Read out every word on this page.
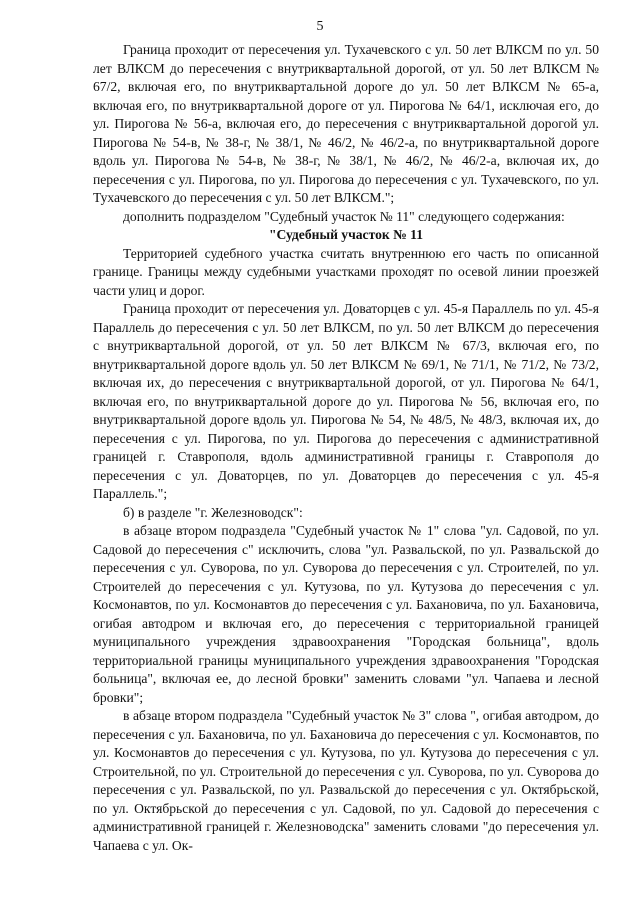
5

Граница проходит от пересечения ул. Тухачевского с ул. 50 лет ВЛКСМ по ул. 50 лет ВЛКСМ до пересечения с внутриквартальной дорогой, от ул. 50 лет ВЛКСМ № 67/2, включая его, по внутриквартальной дороге до ул. 50 лет ВЛКСМ № 65-а, включая его, по внутриквартальной дороге от ул. Пирогова № 64/1, исключая его, до ул. Пирогова № 56-а, включая его, до пересечения с внутриквартальной дорогой ул. Пирогова № 54-в, № 38-г, № 38/1, № 46/2, № 46/2-а, по внутриквартальной дороге вдоль ул. Пирогова № 54-в, № 38-г, № 38/1, № 46/2, № 46/2-а, включая их, до пересечения с ул. Пирогова, по ул. Пирогова до пересечения с ул. Тухачевского, по ул. Тухачевского до пересечения с ул. 50 лет ВЛКСМ.";

дополнить подразделом "Судебный участок № 11" следующего содержания:

"Судебный участок № 11

Территорией судебного участка считать внутреннюю его часть по описанной границе. Границы между судебными участками проходят по осевой линии проезжей части улиц и дорог.

Граница проходит от пересечения ул. Доваторцев с ул. 45-я Параллель по ул. 45-я Параллель до пересечения с ул. 50 лет ВЛКСМ, по ул. 50 лет ВЛКСМ до пересечения с внутриквартальной дорогой, от ул. 50 лет ВЛКСМ № 67/3, включая его, по внутриквартальной дороге вдоль ул. 50 лет ВЛКСМ № 69/1, № 71/1, № 71/2, № 73/2, включая их, до пересечения с внутриквартальной дорогой, от ул. Пирогова № 64/1, включая его, по внутриквартальной дороге до ул. Пирогова № 56, включая его, по внутриквартальной дороге вдоль ул. Пирогова № 54, № 48/5, № 48/3, включая их, до пересечения с ул. Пирогова, по ул. Пирогова до пересечения с административной границей г. Ставрополя, вдоль административной границы г. Ставрополя до пересечения с ул. Доваторцев, по ул. Доваторцев до пересечения с ул. 45-я Параллель.";

б) в разделе "г. Железноводск":

в абзаце втором подраздела "Судебный участок № 1" слова "ул. Садовой, по ул. Садовой до пересечения с" исключить, слова "ул. Развальской, по ул. Развальской до пересечения с ул. Суворова, по ул. Суворова до пересечения с ул. Строителей, по ул. Строителей до пересечения с ул. Кутузова, по ул. Кутузова до пересечения с ул. Космонавтов, по ул. Космонавтов до пересечения с ул. Бахановича, по ул. Бахановича, огибая автодром и включая его, до пересечения с территориальной границей муниципального учреждения здравоохранения "Городская больница", вдоль территориальной границы муниципального учреждения здравоохранения "Городская больница", включая ее, до лесной бровки" заменить словами "ул. Чапаева и лесной бровки";

в абзаце втором подраздела "Судебный участок № 3" слова ", огибая автодром, до пересечения с ул. Бахановича, по ул. Бахановича до пересечения с ул. Космонавтов, по ул. Космонавтов до пересечения с ул. Кутузова, по ул. Кутузова до пересечения с ул. Строительной, по ул. Строительной до пересечения с ул. Суворова, по ул. Суворова до пересечения с ул. Развальской, по ул. Развальской до пересечения с ул. Октябрьской, по ул. Октябрьской до пересечения с ул. Садовой, по ул. Садовой до пересечения с административной границей г. Железноводска" заменить словами "до пересечения ул. Чапаева с ул. Ок-
